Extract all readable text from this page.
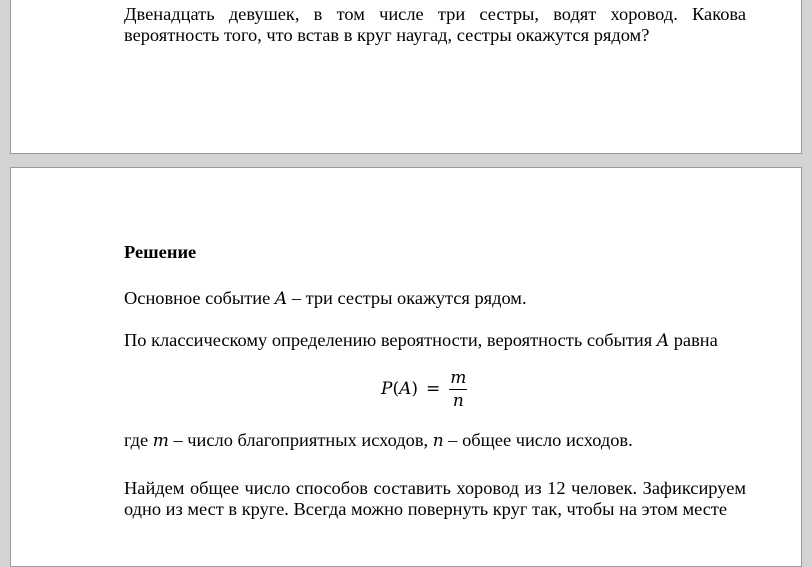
Двенадцать девушек, в том числе три сестры, водят хоровод. Какова вероятность того, что встав в круг наугад, сестры окажутся рядом?
Решение
Основное событие A – три сестры окажутся рядом.
По классическому определению вероятности, вероятность события A равна
$P(A) = \frac{m}{n}$
где m – число благоприятных исходов, n – общее число исходов.
Найдем общее число способов составить хоровод из 12 человек. Зафиксируем одно из мест в круге. Всегда можно повернуть круг так, чтобы на этом месте
